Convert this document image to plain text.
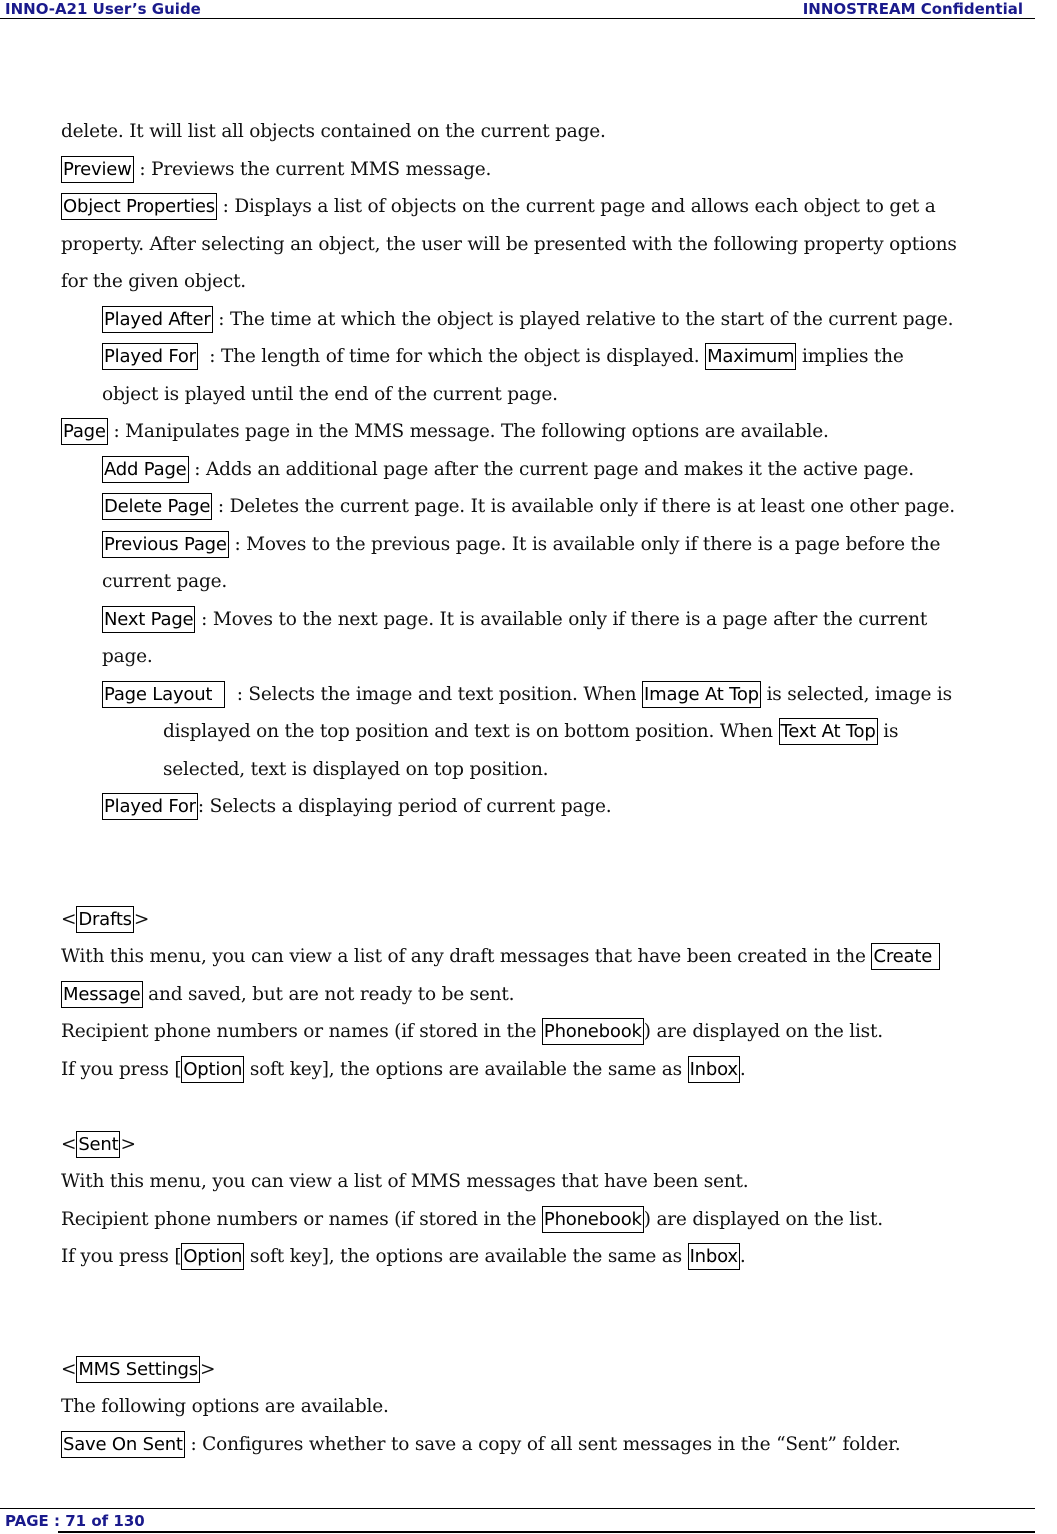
INNO-A21 User’s Guide	INNOSTREAM Confidential
delete. It will list all objects contained on the current page.
Preview : Previews the current MMS message.
Object Properties : Displays a list of objects on the current page and allows each object to get a
property. After selecting an object, the user will be presented with the following property options
for the given object.
Played After : The time at which the object is played relative to the start of the current page.
Played For  : The length of time for which the object is displayed. Maximum implies the
object is played until the end of the current page.
Page : Manipulates page in the MMS message. The following options are available.
Add Page : Adds an additional page after the current page and makes it the active page.
Delete Page : Deletes the current page. It is available only if there is at least one other page.
Previous Page : Moves to the previous page. It is available only if there is a page before the
current page.
Next Page : Moves to the next page. It is available only if there is a page after the current
page.
Page Layout    : Selects the image and text position. When Image At Top is selected, image is
displayed on the top position and text is on bottom position. When Text At Top is
selected, text is displayed on top position.
Played For : Selects a displaying period of current page.
< Drafts >
With this menu, you can view a list of any draft messages that have been created in the Create
Message and saved, but are not ready to be sent.
Recipient phone numbers or names (if stored in the Phonebook ) are displayed on the list.
If you press [ Option soft key], the options are available the same as Inbox .
< Sent >
With this menu, you can view a list of MMS messages that have been sent.
Recipient phone numbers or names (if stored in the Phonebook ) are displayed on the list.
If you press [ Option soft key], the options are available the same as Inbox .
< MMS Settings >
The following options are available.
Save On Sent : Configures whether to save a copy of all sent messages in the “Sent” folder.
PAGE : 71 of 130
